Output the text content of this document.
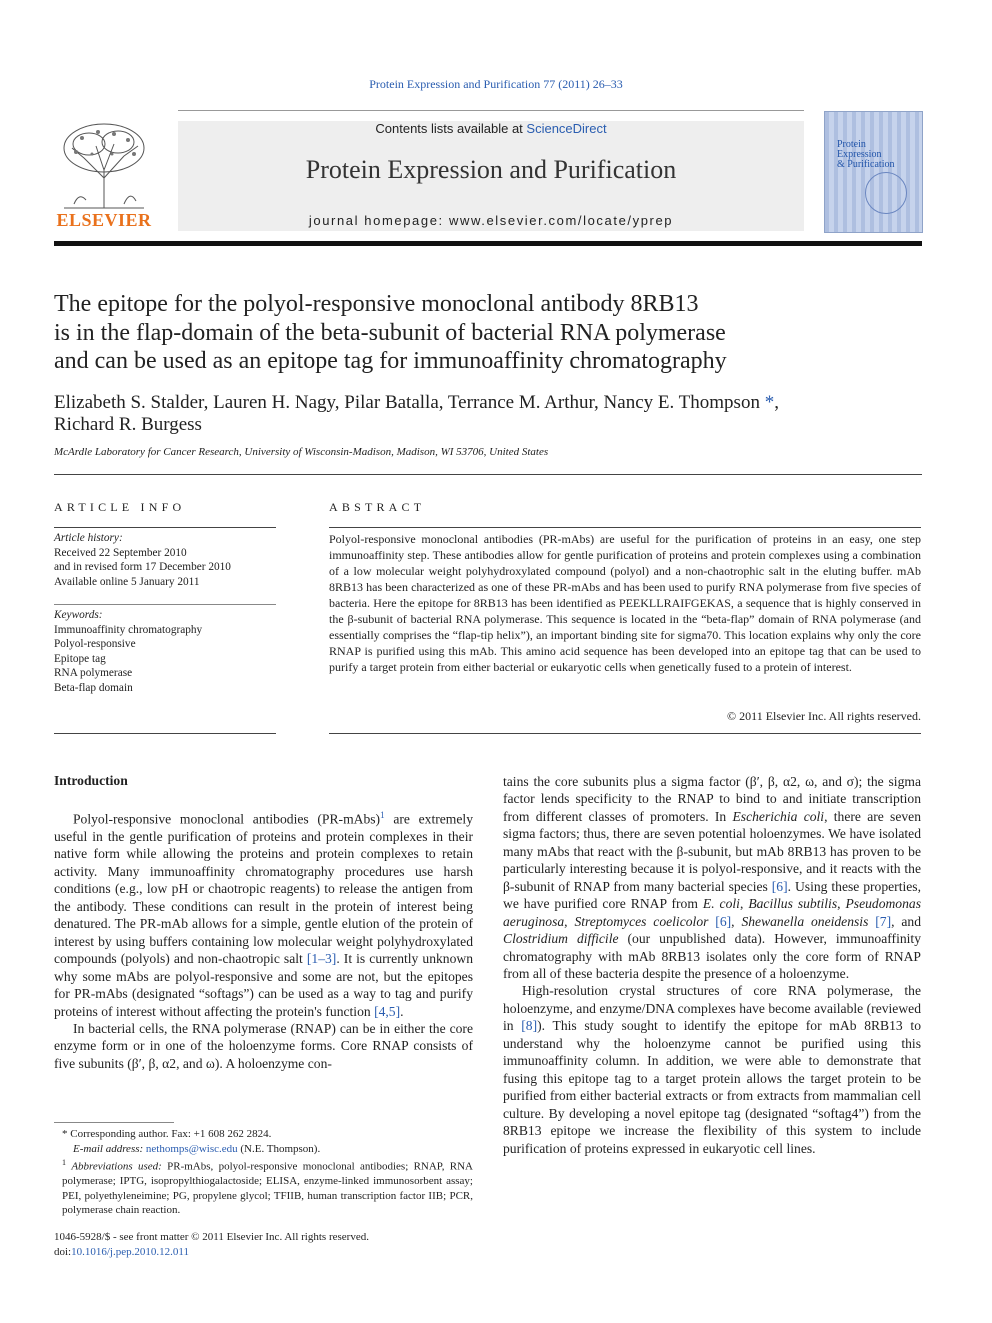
Protein Expression and Purification 77 (2011) 26–33
ELSEVIER
Contents lists available at ScienceDirect
Protein Expression and Purification
journal homepage: www.elsevier.com/locate/yprep
Protein
Expression
& Purification
The epitope for the polyol-responsive monoclonal antibody 8RB13
is in the flap-domain of the beta-subunit of bacterial RNA polymerase
and can be used as an epitope tag for immunoaffinity chromatography
Elizabeth S. Stalder, Lauren H. Nagy, Pilar Batalla, Terrance M. Arthur, Nancy E. Thompson *,
Richard R. Burgess
McArdle Laboratory for Cancer Research, University of Wisconsin-Madison, Madison, WI 53706, United States
ARTICLE INFO
Article history:
Received 22 September 2010
and in revised form 17 December 2010
Available online 5 January 2011
Keywords:
Immunoaffinity chromatography
Polyol-responsive
Epitope tag
RNA polymerase
Beta-flap domain
ABSTRACT
Polyol-responsive monoclonal antibodies (PR-mAbs) are useful for the purification of proteins in an easy, one step immunoaffinity step. These antibodies allow for gentle purification of proteins and protein complexes using a combination of a low molecular weight polyhydroxylated compound (polyol) and a non-chaotrophic salt in the eluting buffer. mAb 8RB13 has been characterized as one of these PR-mAbs and has been used to purify RNA polymerase from five species of bacteria. Here the epitope for 8RB13 has been identified as PEEKLLRAIFGEKAS, a sequence that is highly conserved in the β-subunit of bacterial RNA polymerase. This sequence is located in the “beta-flap” domain of RNA polymerase (and essentially comprises the “flap-tip helix”), an important binding site for sigma70. This location explains why only the core RNAP is purified using this mAb. This amino acid sequence has been developed into an epitope tag that can be used to purify a target protein from either bacterial or eukaryotic cells when genetically fused to a protein of interest.
© 2011 Elsevier Inc. All rights reserved.
Introduction

Polyol-responsive monoclonal antibodies (PR-mAbs)$^1$ are extremely useful in the gentle purification of proteins and protein complexes in their native form while allowing the proteins and protein complexes to retain activity. Many immunoaffinity chromatography procedures use harsh conditions (e.g., low pH or chaotropic reagents) to release the antigen from the antibody. These conditions can result in the protein of interest being denatured. The PR-mAb allows for a simple, gentle elution of the protein of interest by using buffers containing low molecular weight polyhydroxylated compounds (polyols) and non-chaotropic salt [1–3]. It is currently unknown why some mAbs are polyol-responsive and some are not, but the epitopes for PR-mAbs (designated “softags”) can be used as a way to tag and purify proteins of interest without affecting the protein's function [4,5].

In bacterial cells, the RNA polymerase (RNAP) can be in either the core enzyme form or in one of the holoenzyme forms. Core RNAP consists of five subunits (β′, β, α2, and ω). A holoenzyme con-

* Corresponding author. Fax: +1 608 262 2824.
E-mail address: nethomps@wisc.edu (N.E. Thompson).
$^1$ Abbreviations used: PR-mAbs, polyol-responsive monoclonal antibodies; RNAP, RNA polymerase; IPTG, isopropylthiogalactoside; ELISA, enzyme-linked immunosorbent assay; PEI, polyethyleneimine; PG, propylene glycol; TFIIB, human transcription factor IIB; PCR, polymerase chain reaction.
1046-5928/$ - see front matter © 2011 Elsevier Inc. All rights reserved.
doi:10.1016/j.pep.2010.12.011

tains the core subunits plus a sigma factor (β′, β, α2, ω, and σ); the sigma factor lends specificity to the RNAP to bind to and initiate transcription from different classes of promoters. In Escherichia coli, there are seven sigma factors; thus, there are seven potential holoenzymes. We have isolated many mAbs that react with the β-subunit, but mAb 8RB13 has proven to be particularly interesting because it is polyol-responsive, and it reacts with the β-subunit of RNAP from many bacterial species [6]. Using these properties, we have purified core RNAP from E. coli, Bacillus subtilis, Pseudomonas aeruginosa, Streptomyces coelicolor [6], Shewanella oneidensis [7], and Clostridium difficile (our unpublished data). However, immunoaffinity chromatography with mAb 8RB13 isolates only the core form of RNAP from all of these bacteria despite the presence of a holoenzyme.

High-resolution crystal structures of core RNA polymerase, the holoenzyme, and enzyme/DNA complexes have become available (reviewed in [8]). This study sought to identify the epitope for mAb 8RB13 to understand why the holoenzyme cannot be purified using this immunoaffinity column. In addition, we were able to demonstrate that fusing this epitope tag to a target protein allows the target protein to be purified from either bacterial extracts or from extracts from mammalian cell culture. By developing a novel epitope tag (designated “softag4”) from the 8RB13 epitope we increase the flexibility of this system to include purification of proteins expressed in eukaryotic cell lines.
